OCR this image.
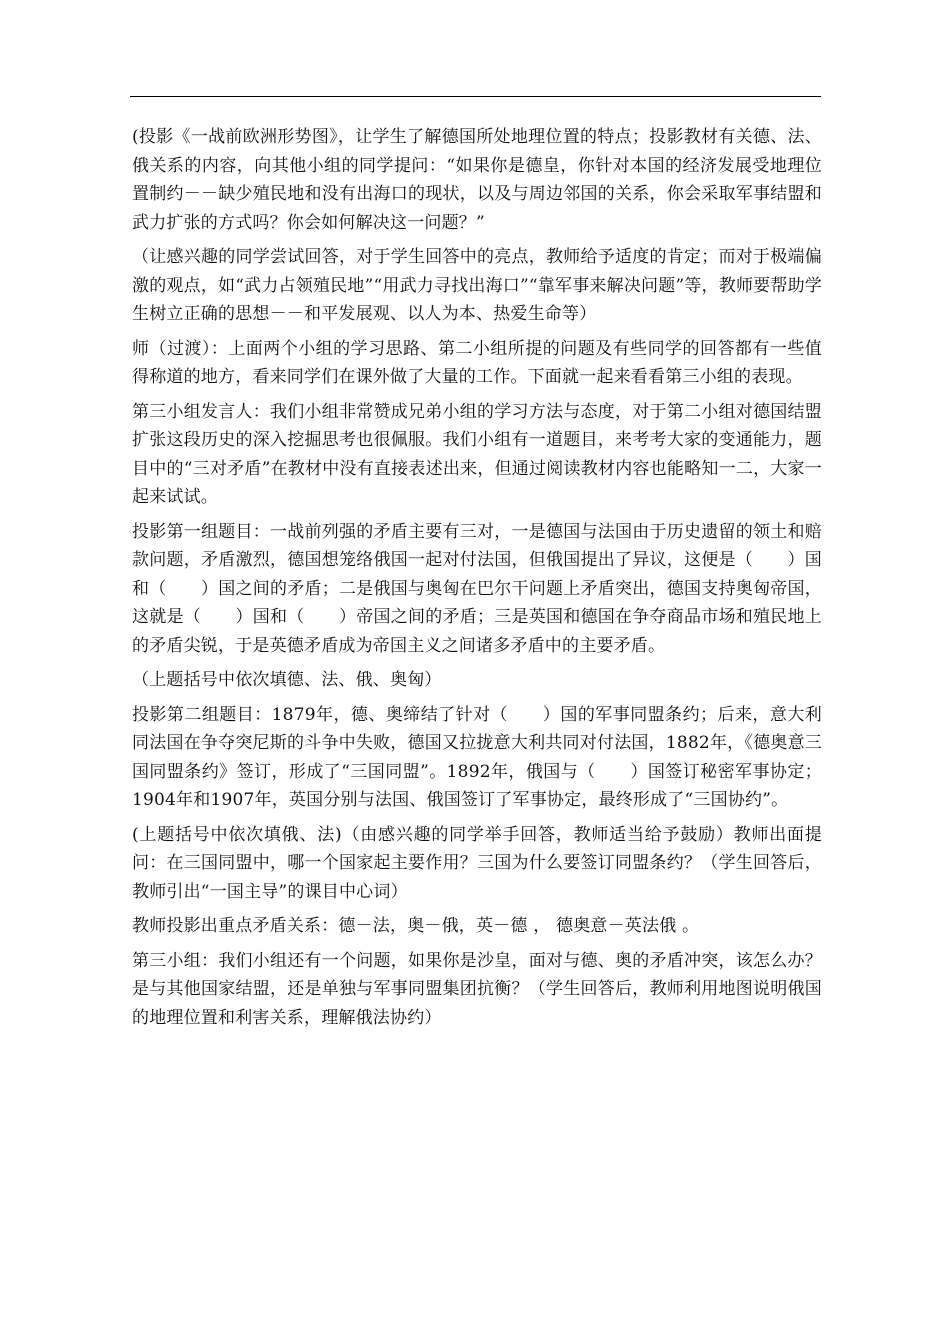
(投影《一战前欧洲形势图》，让学生了解德国所处地理位置的特点；投影教材有关德、法、俄关系的内容，向其他小组的同学提问：“如果你是德皇，你针对本国的经济发展受地理位置制约－－缺少殖民地和没有出海口的现状，以及与周边邻国的关系，你会采取军事结盟和武力扩张的方式吗？你会如何解决这一问题？”

（让感兴趣的同学尝试回答，对于学生回答中的亮点，教师给予适度的肯定；而对于极端偏激的观点，如“武力占领殖民地”“用武力寻找出海口”“靠军事来解决问题”等，教师要帮助学生树立正确的思想－－和平发展观、以人为本、热爱生命等）

师（过渡）：上面两个小组的学习思路、第二小组所提的问题及有些同学的回答都有一些值得称道的地方，看来同学们在课外做了大量的工作。下面就一起来看看第三小组的表现。

第三小组发言人：我们小组非常赞成兄弟小组的学习方法与态度，对于第二小组对德国结盟扩张这段历史的深入挖掘思考也很佩服。我们小组有一道题目，来考考大家的变通能力，题目中的“三对矛盾”在教材中没有直接表述出来，但通过阅读教材内容也能略知一二，大家一起来试试。

投影第一组题目：一战前列强的矛盾主要有三对，一是德国与法国由于历史遗留的领土和赔款问题，矛盾激烈，德国想笼络俄国一起对付法国，但俄国提出了异议，这便是（　　）国和（　　）国之间的矛盾；二是俄国与奥匈在巴尔干问题上矛盾突出，德国支持奥匈帝国，这就是（　　）国和（　　）帝国之间的矛盾；三是英国和德国在争夺商品市场和殖民地上的矛盾尖锐，于是英德矛盾成为帝国主义之间诸多矛盾中的主要矛盾。

（上题括号中依次填德、法、俄、奥匈）

投影第二组题目：1879年，德、奥缔结了针对（　　）国的军事同盟条约；后来，意大利同法国在争夺突尼斯的斗争中失败，德国又拉拢意大利共同对付法国，1882年，《德奥意三国同盟条约》签订，形成了“三国同盟”。1892年，俄国与（　　）国签订秘密军事协定；1904年和1907年，英国分别与法国、俄国签订了军事协定，最终形成了“三国协约”。

(上题括号中依次填俄、法)（由感兴趣的同学举手回答，教师适当给予鼓励）教师出面提问：在三国同盟中，哪一个国家起主要作用？三国为什么要签订同盟条约？（学生回答后，教师引出“一国主导”的课目中心词）

教师投影出重点矛盾关系：德－法，奥－俄，英－德 ， 德奥意－英法俄 。

第三小组：我们小组还有一个问题，如果你是沙皇，面对与德、奥的矛盾冲突，该怎么办？是与其他国家结盟，还是单独与军事同盟集团抗衡？（学生回答后，教师利用地图说明俄国的地理位置和利害关系，理解俄法协约）
